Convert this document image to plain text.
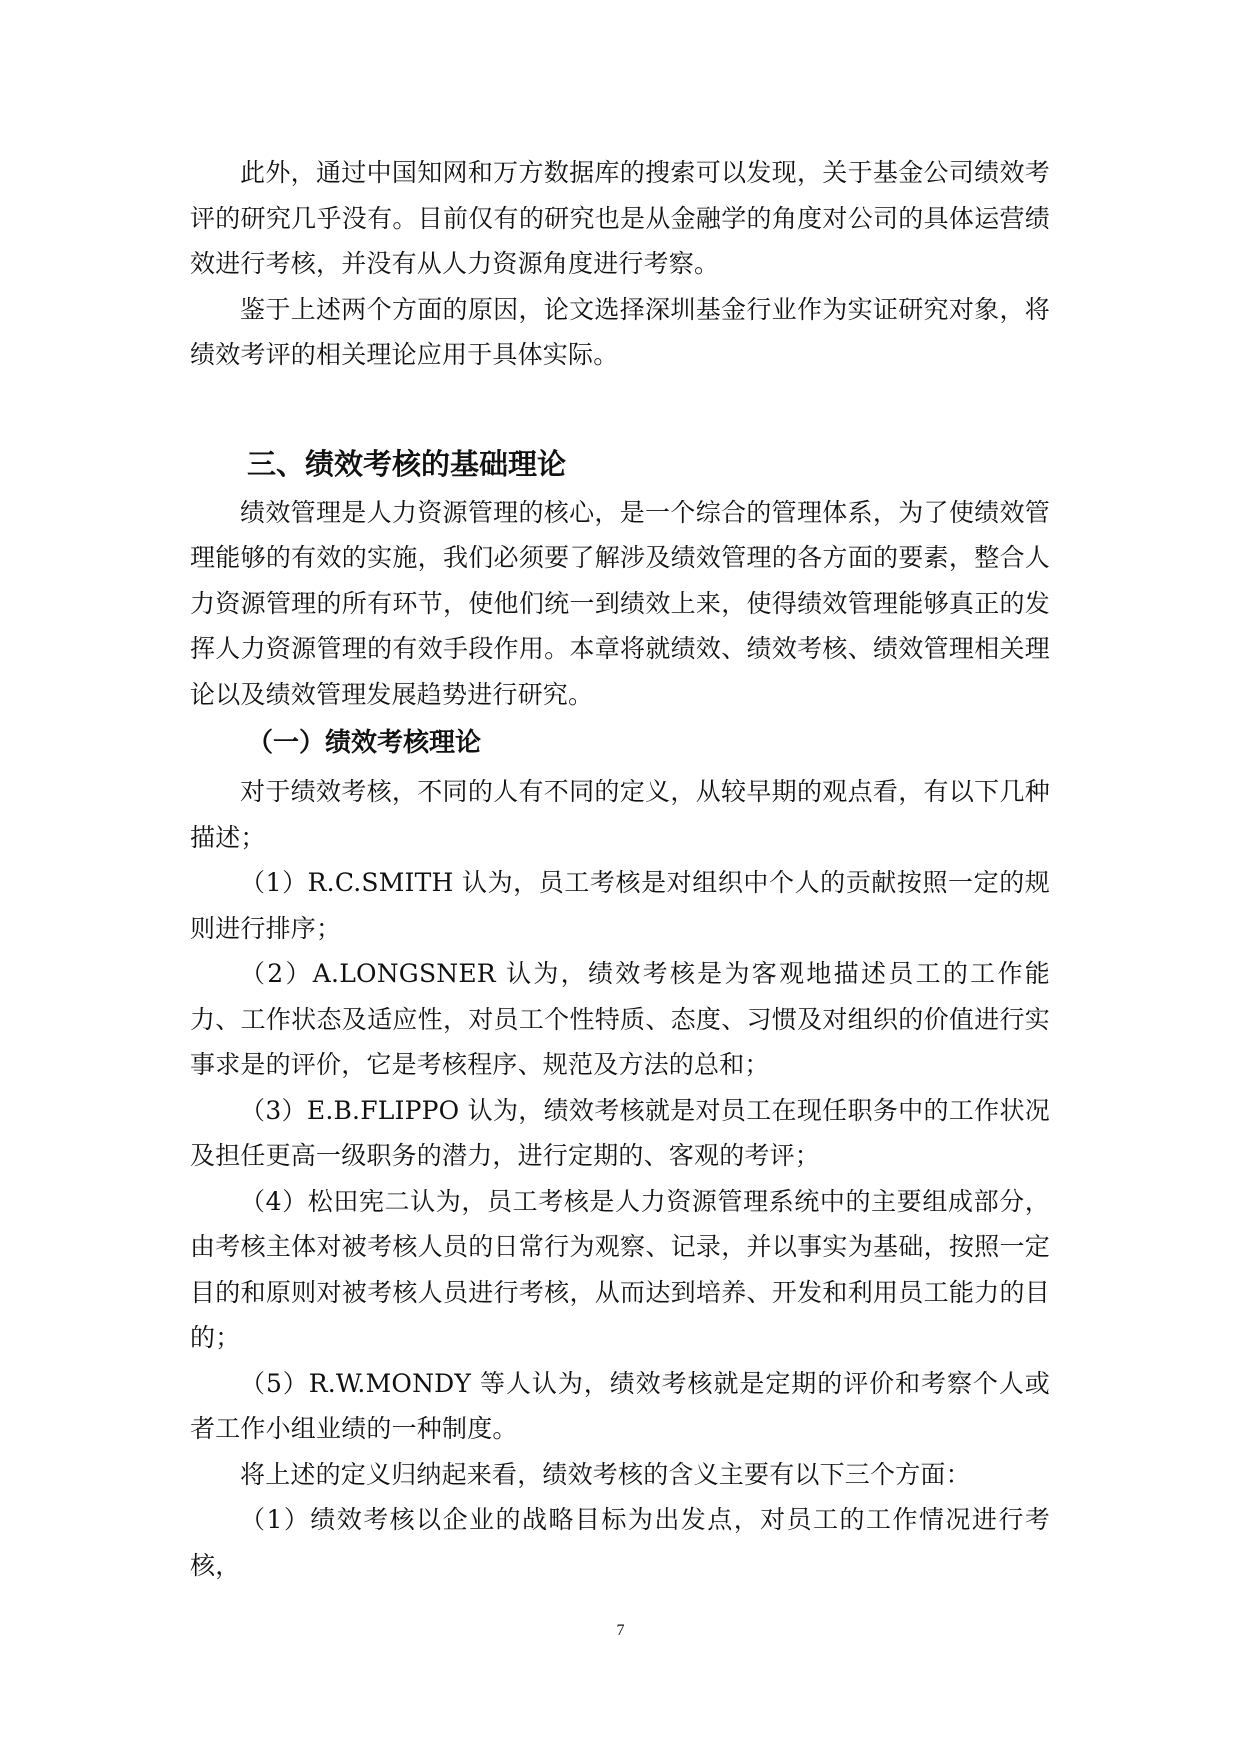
此外，通过中国知网和万方数据库的搜索可以发现，关于基金公司绩效考评的研究几乎没有。目前仅有的研究也是从金融学的角度对公司的具体运营绩效进行考核，并没有从人力资源角度进行考察。

鉴于上述两个方面的原因，论文选择深圳基金行业作为实证研究对象，将绩效考评的相关理论应用于具体实际。

三、绩效考核的基础理论

绩效管理是人力资源管理的核心，是一个综合的管理体系，为了使绩效管理能够的有效的实施，我们必须要了解涉及绩效管理的各方面的要素，整合人力资源管理的所有环节，使他们统一到绩效上来，使得绩效管理能够真正的发挥人力资源管理的有效手段作用。本章将就绩效、绩效考核、绩效管理相关理论以及绩效管理发展趋势进行研究。

（一）绩效考核理论

对于绩效考核，不同的人有不同的定义，从较早期的观点看，有以下几种描述；

（1）R.C.SMITH 认为，员工考核是对组织中个人的贡献按照一定的规则进行排序；

（2）A.LONGSNER 认为，绩效考核是为客观地描述员工的工作能力、工作状态及适应性，对员工个性特质、态度、习惯及对组织的价值进行实事求是的评价，它是考核程序、规范及方法的总和；

（3）E.B.FLIPPO 认为，绩效考核就是对员工在现任职务中的工作状况及担任更高一级职务的潜力，进行定期的、客观的考评；

（4）松田宪二认为，员工考核是人力资源管理系统中的主要组成部分，由考核主体对被考核人员的日常行为观察、记录，并以事实为基础，按照一定目的和原则对被考核人员进行考核，从而达到培养、开发和利用员工能力的目的；

（5）R.W.MONDY 等人认为，绩效考核就是定期的评价和考察个人或者工作小组业绩的一种制度。

将上述的定义归纳起来看，绩效考核的含义主要有以下三个方面：

（1）绩效考核以企业的战略目标为出发点，对员工的工作情况进行考核，

7
